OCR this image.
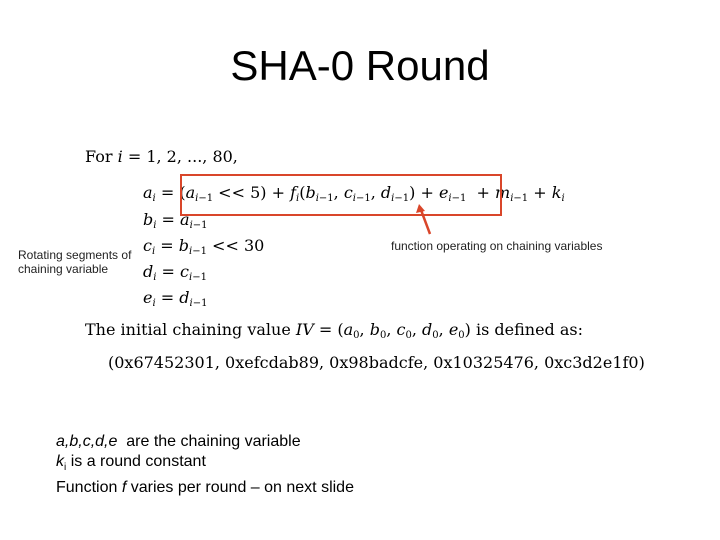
SHA-0 Round
For i = 1, 2, ..., 80,
$a_i = (a_{i-1} << 5) + f_i(b_{i-1}$, $c_{i-1}$, $d_{i-1}) + e_{i-1} + m_{i-1} + k_i$
$b_i = a_{i-1}$
$c_i = b_{i-1} << 30$
$d_i = c_{i-1}$
$e_i = d_{i-1}$
function operating on chaining variables
Rotating segments of chaining variable
The initial chaining value IV = ($a_0$, $b_0$, $c_0$, $d_0$, $e_0$) is defined as:
(0x67452301, 0xefcdab89, 0x98badcfe, 0x10325476, 0xc3d2e1f0)
a,b,c,d,e are the chaining variable
$k_i$ is a round constant
Function f varies per round – on next slide
